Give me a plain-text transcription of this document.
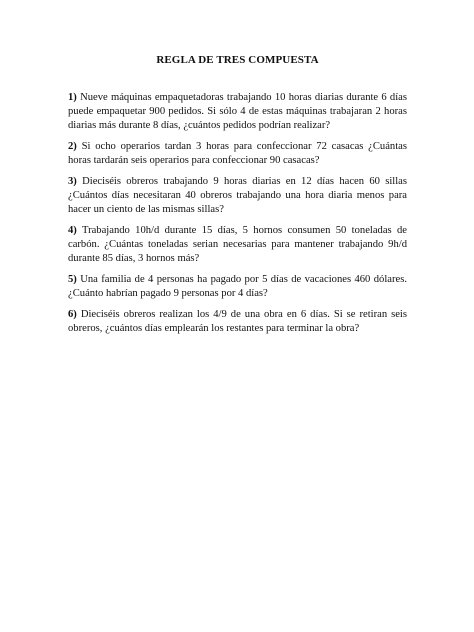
REGLA DE TRES COMPUESTA

1) Nueve máquinas empaquetadoras trabajando 10 horas diarias durante 6 días puede empaquetar 900 pedidos. Si sólo 4 de estas máquinas trabajaran 2 horas diarias más durante 8 días, ¿cuántos pedidos podrían realizar?

2) Si ocho operarios tardan 3 horas para confeccionar 72 casacas ¿Cuántas horas tardarán seis operarios para confeccionar 90 casacas?

3) Dieciséis obreros trabajando 9 horas diarias en 12 días hacen 60 sillas ¿Cuántos días necesitaran 40 obreros trabajando una hora diaria menos para hacer un ciento de las mismas sillas?

4) Trabajando 10h/d durante 15 días, 5 hornos consumen 50 toneladas de carbón. ¿Cuántas toneladas serian necesarias para mantener trabajando 9h/d durante 85 días, 3 hornos más?

5) Una familia de 4 personas ha pagado por 5 días de vacaciones 460 dólares. ¿Cuánto habrían pagado 9 personas por 4 días?

6) Dieciséis obreros realizan los 4/9 de una obra en 6 días. Si se retiran seis obreros, ¿cuántos días emplearán los restantes para terminar la obra?
